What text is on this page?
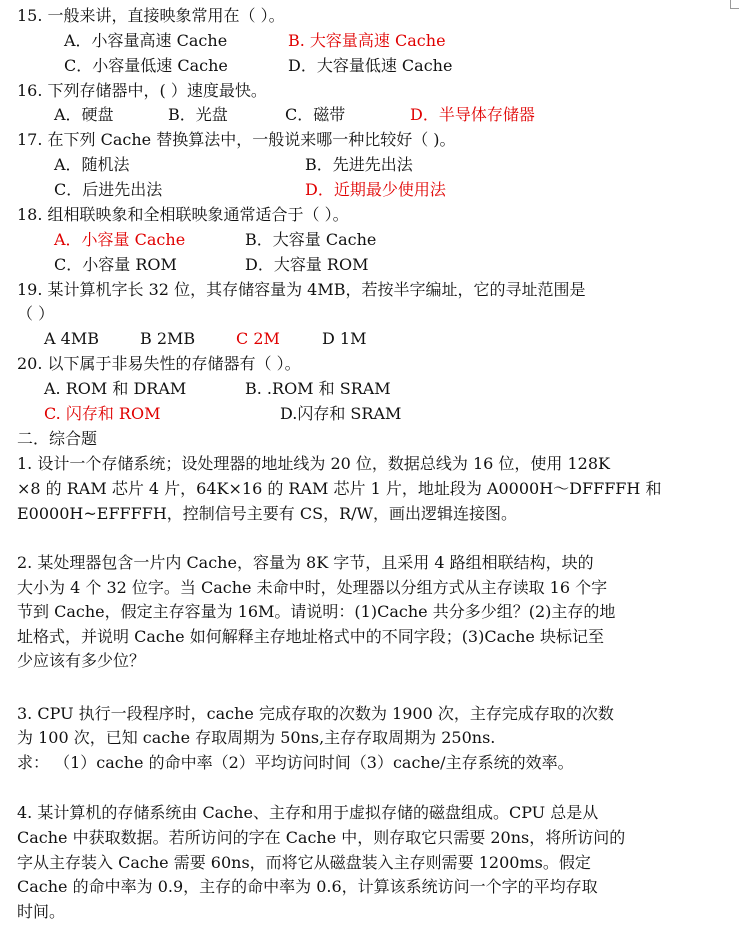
15. 一般来讲，直接映象常用在（ ）。
A．小容量高速 Cache	B. 大容量高速 Cache
C．小容量低速 Cache	D．大容量低速 Cache
16. 下列存储器中，( ）速度最快。
A．硬盘	B．光盘	C．磁带	D．半导体存储器
17. 在下列 Cache 替换算法中，一般说来哪一种比较好（ )。
A．随机法	B．先进先出法
C．后进先出法	D．近期最少使用法
18. 组相联映象和全相联映象通常适合于（ ）。
A．小容量 Cache	B．大容量 Cache
C．小容量 ROM	D．大容量 ROM
19. 某计算机字长 32 位，其存储容量为 4MB，若按半字编址，它的寻址范围是
（ ）
A 4MB	B 2MB	C 2M	D 1M
20. 以下属于非易失性的存储器有（ ）。
A. ROM 和 DRAM	B. .ROM 和 SRAM
C. 闪存和 ROM	D.闪存和 SRAM
二．综合题
1. 设计一个存储系统；设处理器的地址线为 20 位，数据总线为 16 位，使用 128K
×8 的 RAM 芯片 4 片，64K×16 的 RAM 芯片 1 片，地址段为 A0000H～DFFFFH 和
E0000H~EFFFFH，控制信号主要有 CS，R/W，画出逻辑连接图。
2. 某处理器包含一片内 Cache，容量为 8K 字节，且采用 4 路组相联结构，块的
大小为 4 个 32 位字。当 Cache 未命中时，处理器以分组方式从主存读取 16 个字
节到 Cache，假定主存容量为 16M。请说明：(1)Cache 共分多少组？(2)主存的地
址格式，并说明 Cache 如何解释主存地址格式中的不同字段；(3)Cache 块标记至
少应该有多少位？
3. CPU 执行一段程序时，cache 完成存取的次数为 1900 次，主存完成存取的次数
为 100 次，已知 cache 存取周期为 50ns,主存存取周期为 250ns.
求： （1）cache 的命中率（2）平均访问时间（3）cache/主存系统的效率。
4. 某计算机的存储系统由 Cache、主存和用于虚拟存储的磁盘组成。CPU 总是从
Cache 中获取数据。若所访问的字在 Cache 中，则存取它只需要 20ns，将所访问的
字从主存装入 Cache 需要 60ns，而将它从磁盘装入主存则需要 1200ms。假定
Cache 的命中率为 0.9，主存的命中率为 0.6，计算该系统访问一个字的平均存取
时间。
